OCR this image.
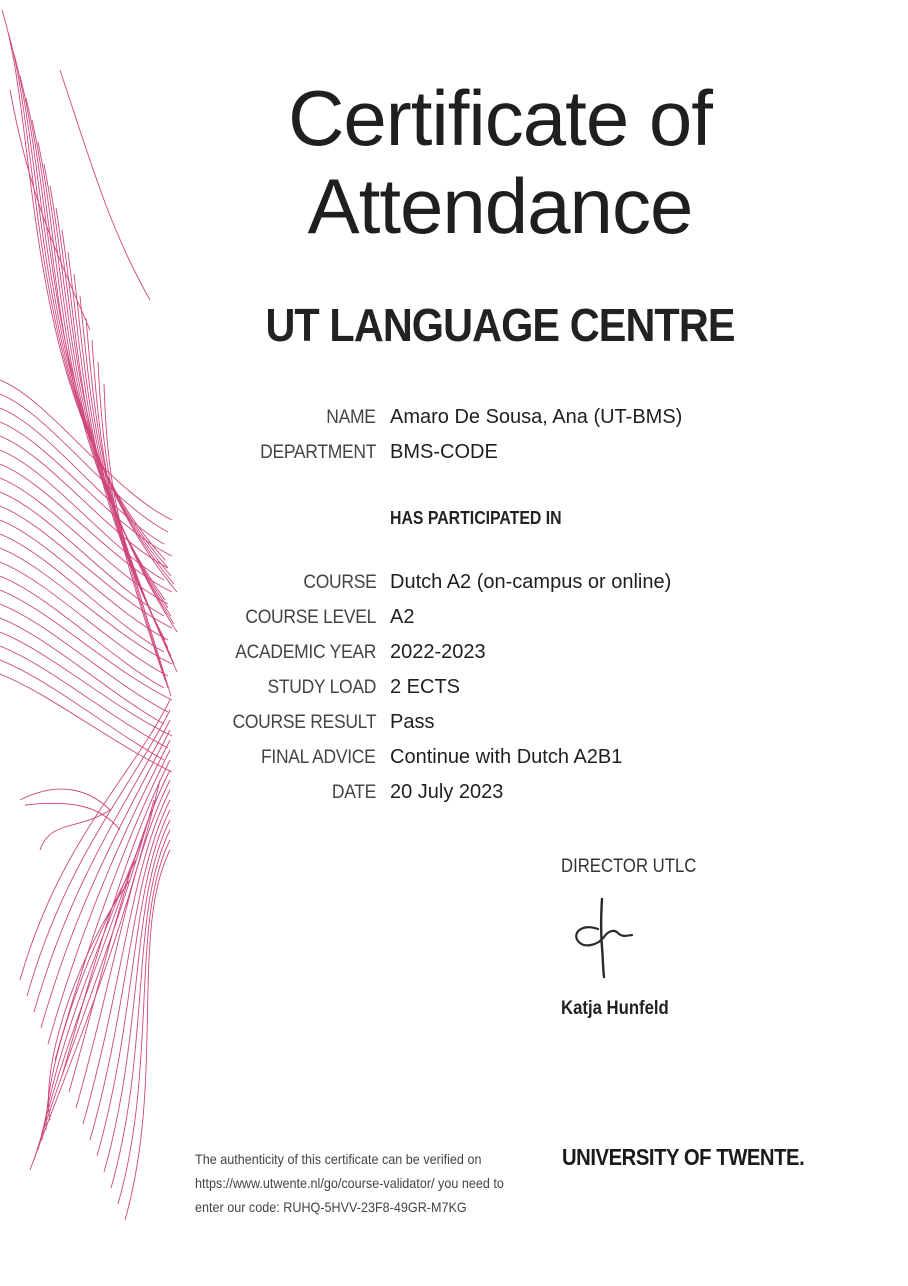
Certificate of
Attendance
UT LANGUAGE CENTRE
NAME Amaro De Sousa, Ana (UT-BMS)
DEPARTMENT BMS-CODE
HAS PARTICIPATED IN
COURSE Dutch A2 (on-campus or online)
COURSE LEVEL A2
ACADEMIC YEAR 2022-2023
STUDY LOAD 2 ECTS
COURSE RESULT Pass
FINAL ADVICE Continue with Dutch A2B1
DATE 20 July 2023
DIRECTOR UTLC
Katja Hunfeld
The authenticity of this certificate can be verified on
https://www.utwente.nl/go/course-validator/ you need to
enter our code: RUHQ-5HVV-23F8-49GR-M7KG
UNIVERSITY OF TWENTE.
